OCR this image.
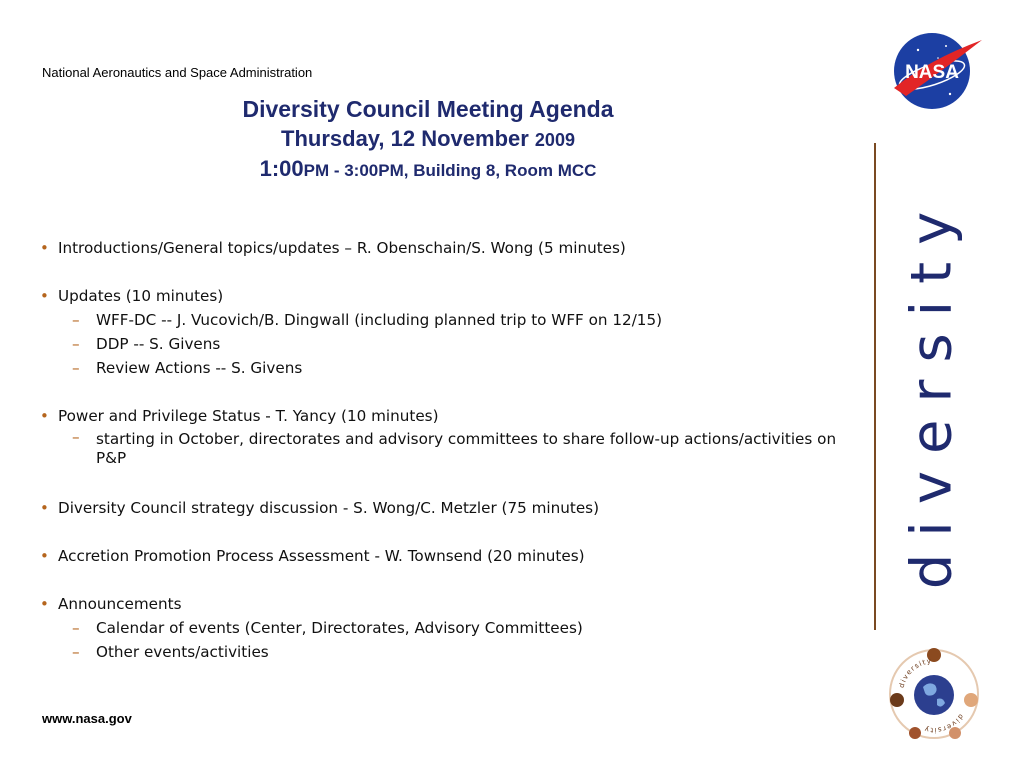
National Aeronautics and Space Administration	NASA
Diversity Council Meeting Agenda
Thursday, 12 November 2009
1:00PM - 3:00PM, Building 8, Room MCC
• Introductions/General topics/updates – R. Obenschain/S. Wong (5 minutes)
• Updates (10 minutes)
– WFF-DC -- J. Vucovich/B. Dingwall (including planned trip to WFF on 12/15)
– DDP -- S. Givens
– Review Actions -- S. Givens
• Power and Privilege Status - T. Yancy (10 minutes)
– starting in October, directorates and advisory committees to share follow-up actions/activities on P&P
• Diversity Council strategy discussion - S. Wong/C. Metzler (75 minutes)
• Accretion Promotion Process Assessment - W. Townsend (20 minutes)
• Announcements
– Calendar of events (Center, Directorates, Advisory Committees)
– Other events/activities
diversity
diversity
diversity
www.nasa.gov
